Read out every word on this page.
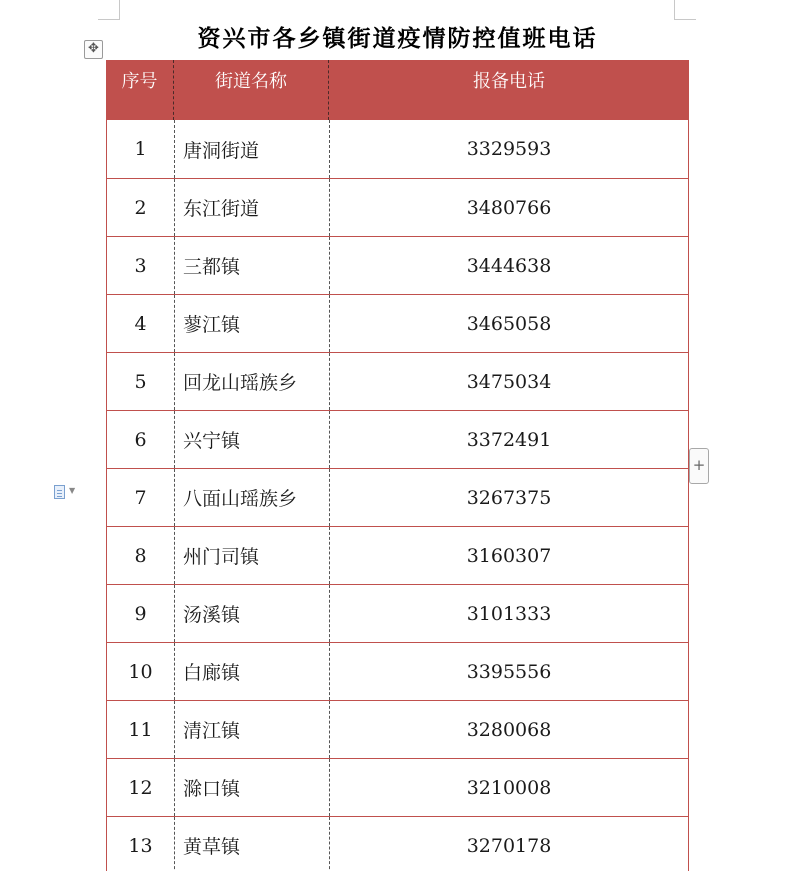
✥
+
▼
资兴市各乡镇街道疫情防控值班电话
序号	街道名称	报备电话
1	唐洞街道	3329593
2	东江街道	3480766
3	三都镇	3444638
4	蓼江镇	3465058
5	回龙山瑶族乡	3475034
6	兴宁镇	3372491
7	八面山瑶族乡	3267375
8	州门司镇	3160307
9	汤溪镇	3101333
10	白廊镇	3395556
11	清江镇	3280068
12	滁口镇	3210008
13	黄草镇	3270178
